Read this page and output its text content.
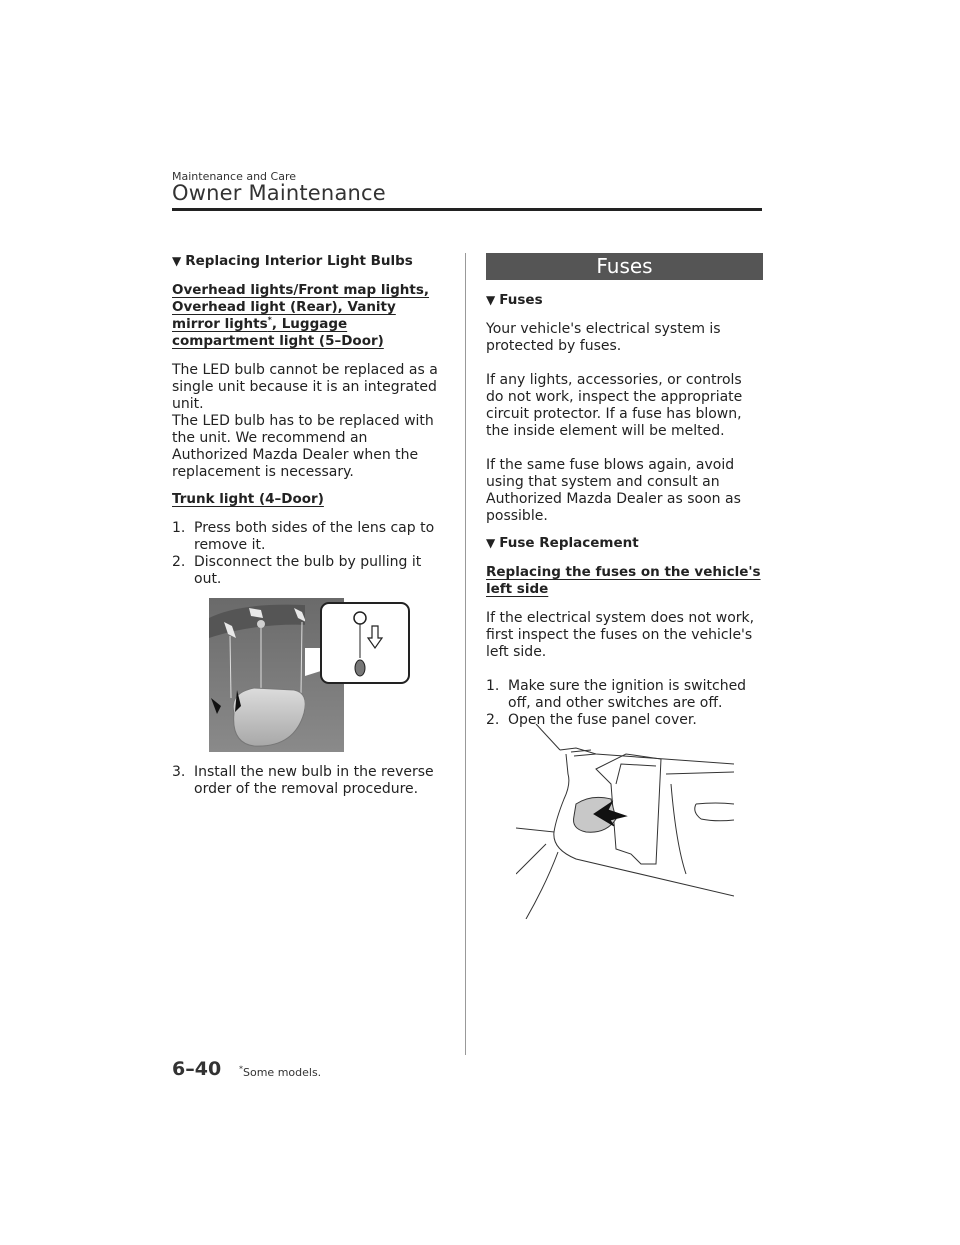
Maintenance and Care
Owner Maintenance
▼ Replacing Interior Light Bulbs
Overhead lights/Front map lights, Overhead light (Rear), Vanity mirror lights*, Luggage compartment light (5–Door)
The LED bulb cannot be replaced as a single unit because it is an integrated unit.
The LED bulb has to be replaced with the unit. We recommend an Authorized Mazda Dealer when the replacement is necessary.
Trunk light (4–Door)
1. Press both sides of the lens cap to remove it.
2. Disconnect the bulb by pulling it out.
3. Install the new bulb in the reverse order of the removal procedure.
Fuses
▼ Fuses
Your vehicle's electrical system is protected by fuses.
If any lights, accessories, or controls do not work, inspect the appropriate circuit protector. If a fuse has blown, the inside element will be melted.
If the same fuse blows again, avoid using that system and consult an Authorized Mazda Dealer as soon as possible.
▼ Fuse Replacement
Replacing the fuses on the vehicle's left side
If the electrical system does not work, first inspect the fuses on the vehicle's left side.
1. Make sure the ignition is switched off, and other switches are off.
2. Open the fuse panel cover.
6–40 *Some models.
